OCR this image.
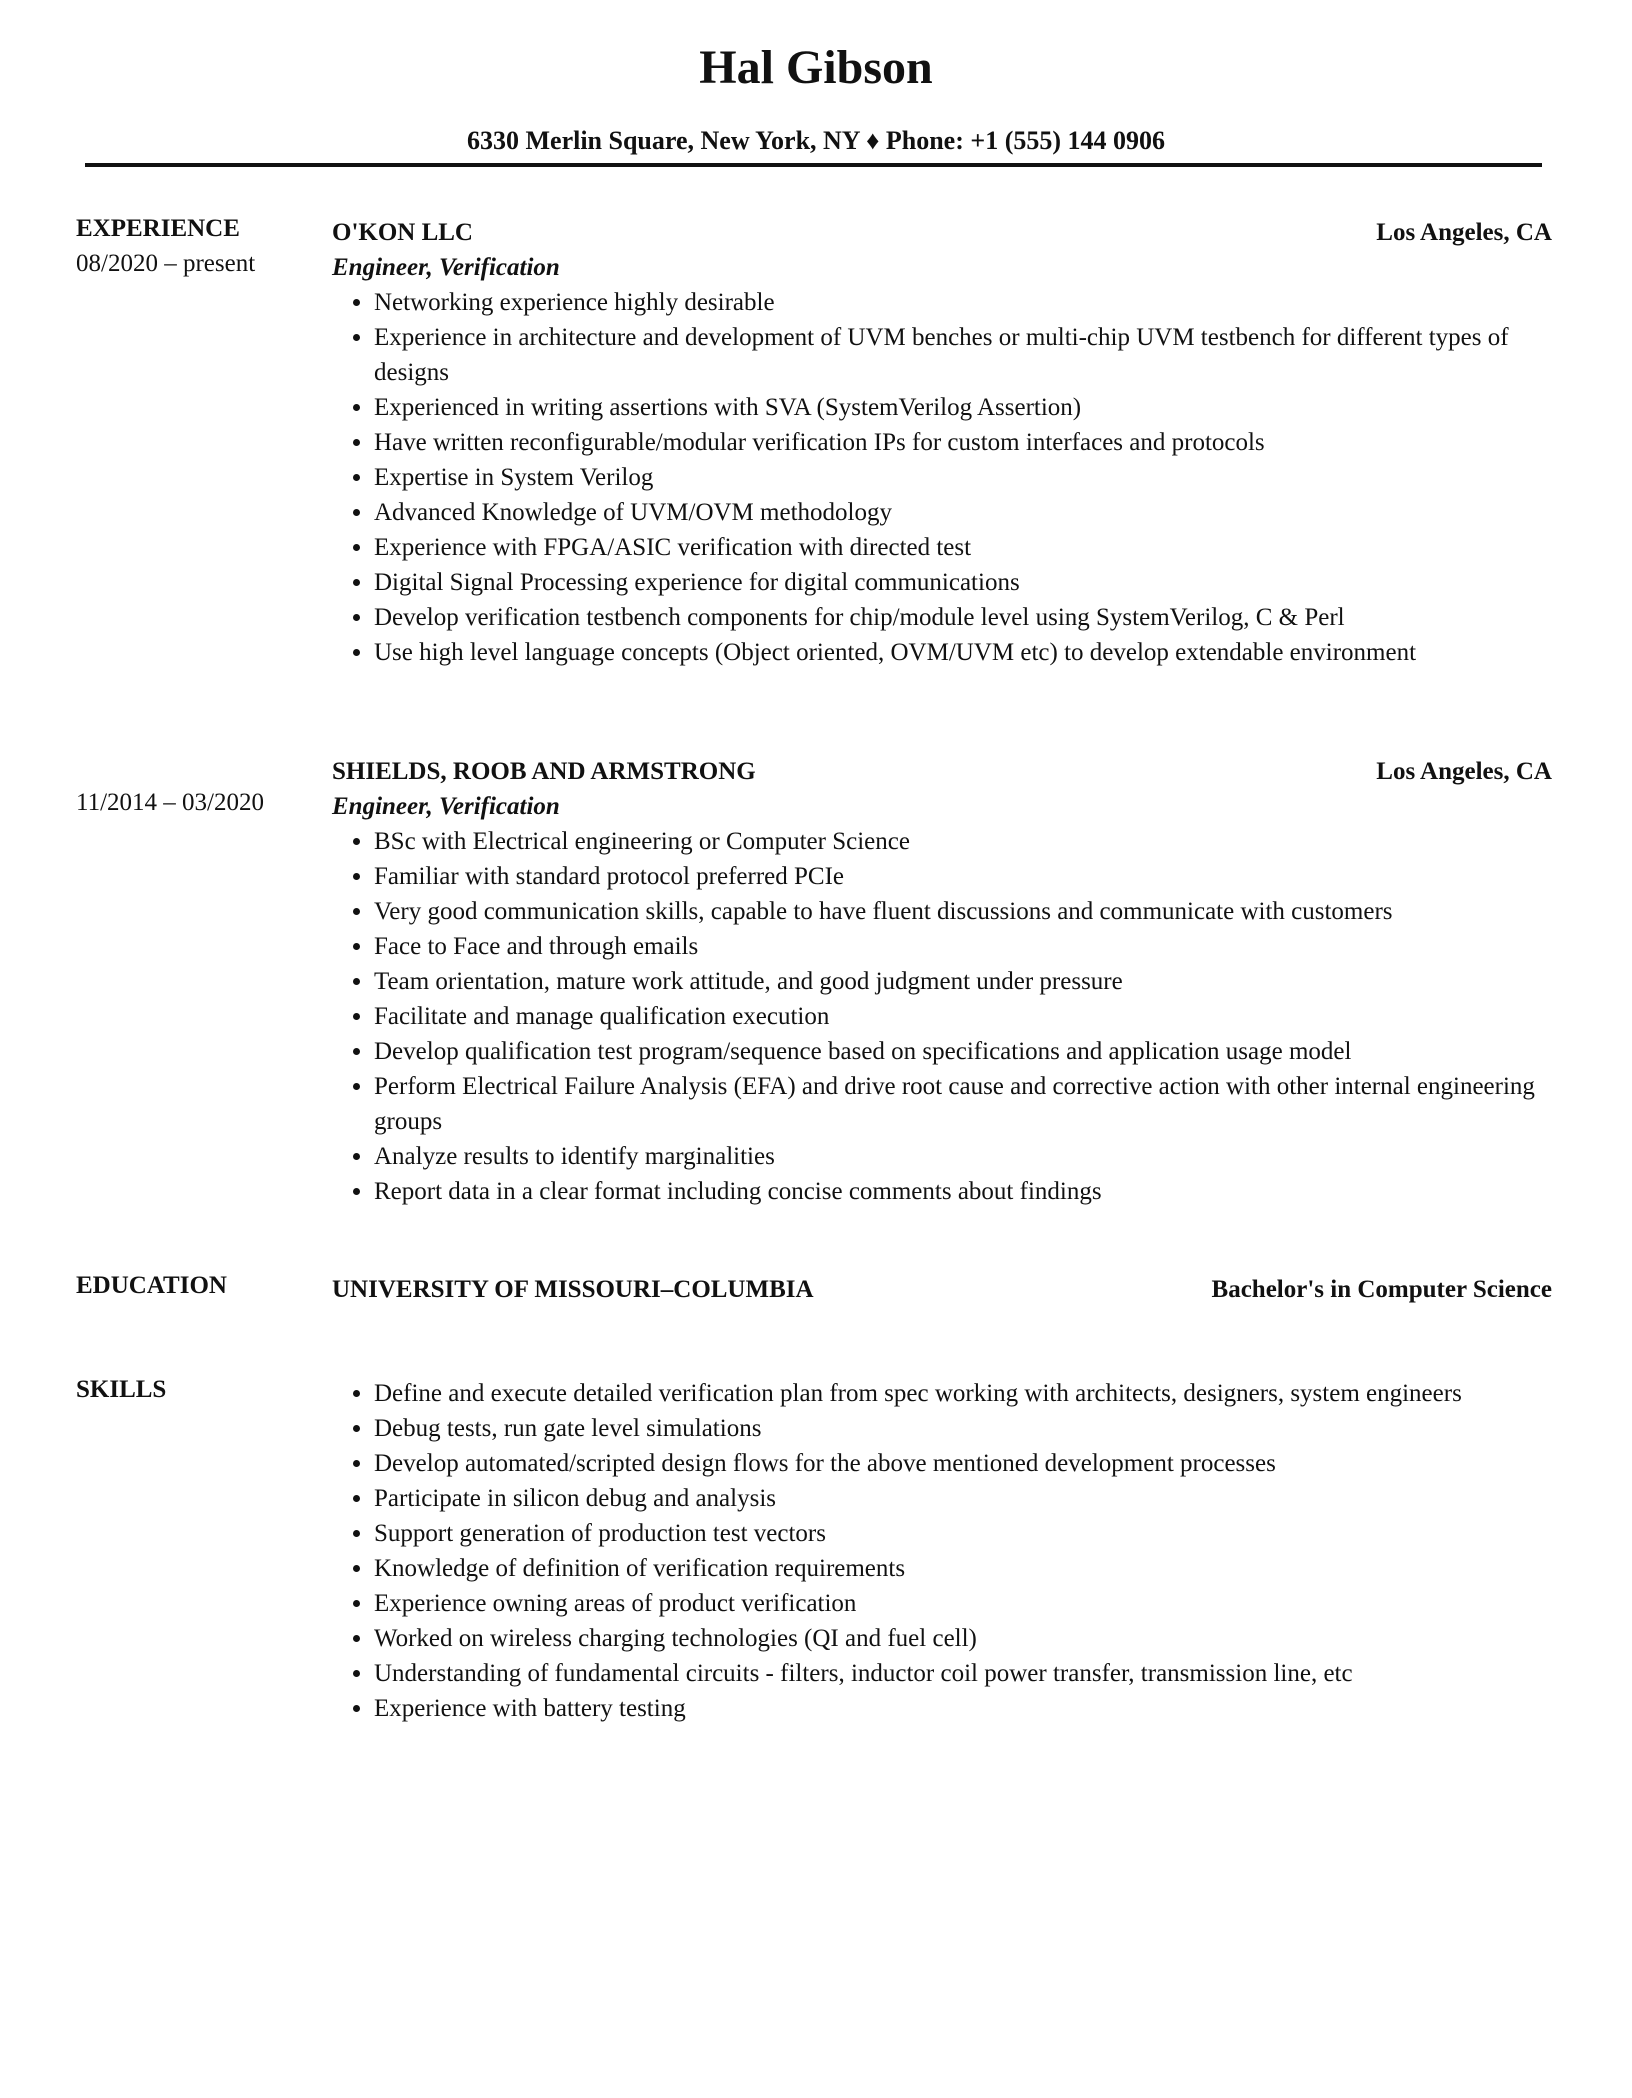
Hal Gibson
6330 Merlin Square, New York, NY ♦ Phone: +1 (555) 144 0906
EXPERIENCE
08/2020 – present
O'KON LLC	Los Angeles, CA
Engineer, Verification
• Networking experience highly desirable
• Experience in architecture and development of UVM benches or multi-chip UVM testbench for different types of designs
• Experienced in writing assertions with SVA (SystemVerilog Assertion)
• Have written reconfigurable/modular verification IPs for custom interfaces and protocols
• Expertise in System Verilog
• Advanced Knowledge of UVM/OVM methodology
• Experience with FPGA/ASIC verification with directed test
• Digital Signal Processing experience for digital communications
• Develop verification testbench components for chip/module level using SystemVerilog, C & Perl
• Use high level language concepts (Object oriented, OVM/UVM etc) to develop extendable environment
11/2014 – 03/2020
SHIELDS, ROOB AND ARMSTRONG	Los Angeles, CA
Engineer, Verification
• BSc with Electrical engineering or Computer Science
• Familiar with standard protocol preferred PCIe
• Very good communication skills, capable to have fluent discussions and communicate with customers
• Face to Face and through emails
• Team orientation, mature work attitude, and good judgment under pressure
• Facilitate and manage qualification execution
• Develop qualification test program/sequence based on specifications and application usage model
• Perform Electrical Failure Analysis (EFA) and drive root cause and corrective action with other internal engineering groups
• Analyze results to identify marginalities
• Report data in a clear format including concise comments about findings
EDUCATION	UNIVERSITY OF MISSOURI–COLUMBIA	Bachelor's in Computer Science
SKILLS	• Define and execute detailed verification plan from spec working with architects, designers, system engineers
• Debug tests, run gate level simulations
• Develop automated/scripted design flows for the above mentioned development processes
• Participate in silicon debug and analysis
• Support generation of production test vectors
• Knowledge of definition of verification requirements
• Experience owning areas of product verification
• Worked on wireless charging technologies (QI and fuel cell)
• Understanding of fundamental circuits - filters, inductor coil power transfer, transmission line, etc
• Experience with battery testing
